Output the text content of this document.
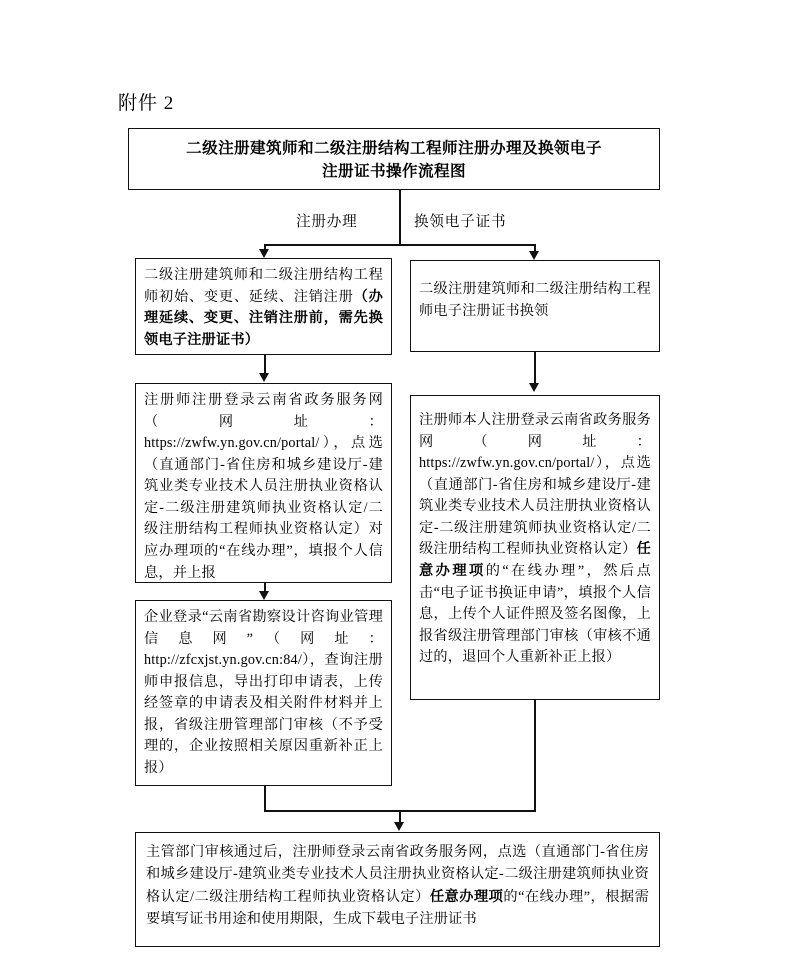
附件 2
二级注册建筑师和二级注册结构工程师注册办理及换领电子
注册证书操作流程图
注册办理	换领电子证书
二级注册建筑师和二级注册结构工程师初始、变更、延续、注销注册（办理延续、变更、注销注册前，需先换领电子注册证书）
注册师注册登录云南省政务服务网（网址：https://zwfw.yn.gov.cn/portal/），点选（直通部门-省住房和城乡建设厅-建筑业类专业技术人员注册执业资格认定-二级注册建筑师执业资格认定/二级注册结构工程师执业资格认定）对应办理项的“在线办理”，填报个人信息，并上报
企业登录“云南省勘察设计咨询业管理信息网”（网址：http://zfcxjst.yn.gov.cn:84/），查询注册师申报信息，导出打印申请表，上传经签章的申请表及相关附件材料并上报，省级注册管理部门审核（不予受理的，企业按照相关原因重新补正上报）
二级注册建筑师和二级注册结构工程师电子注册证书换领
注册师本人注册登录云南省政务服务网（网址：https://zwfw.yn.gov.cn/portal/），点选（直通部门-省住房和城乡建设厅-建筑业类专业技术人员注册执业资格认定-二级注册建筑师执业资格认定/二级注册结构工程师执业资格认定）任意办理项的“在线办理”，然后点击“电子证书换证申请”，填报个人信息，上传个人证件照及签名图像，上报省级注册管理部门审核（审核不通过的，退回个人重新补正上报）
主管部门审核通过后，注册师登录云南省政务服务网，点选（直通部门-省住房和城乡建设厅-建筑业类专业技术人员注册执业资格认定-二级注册建筑师执业资格认定/二级注册结构工程师执业资格认定）任意办理项的“在线办理”，根据需要填写证书用途和使用期限，生成下载电子注册证书
